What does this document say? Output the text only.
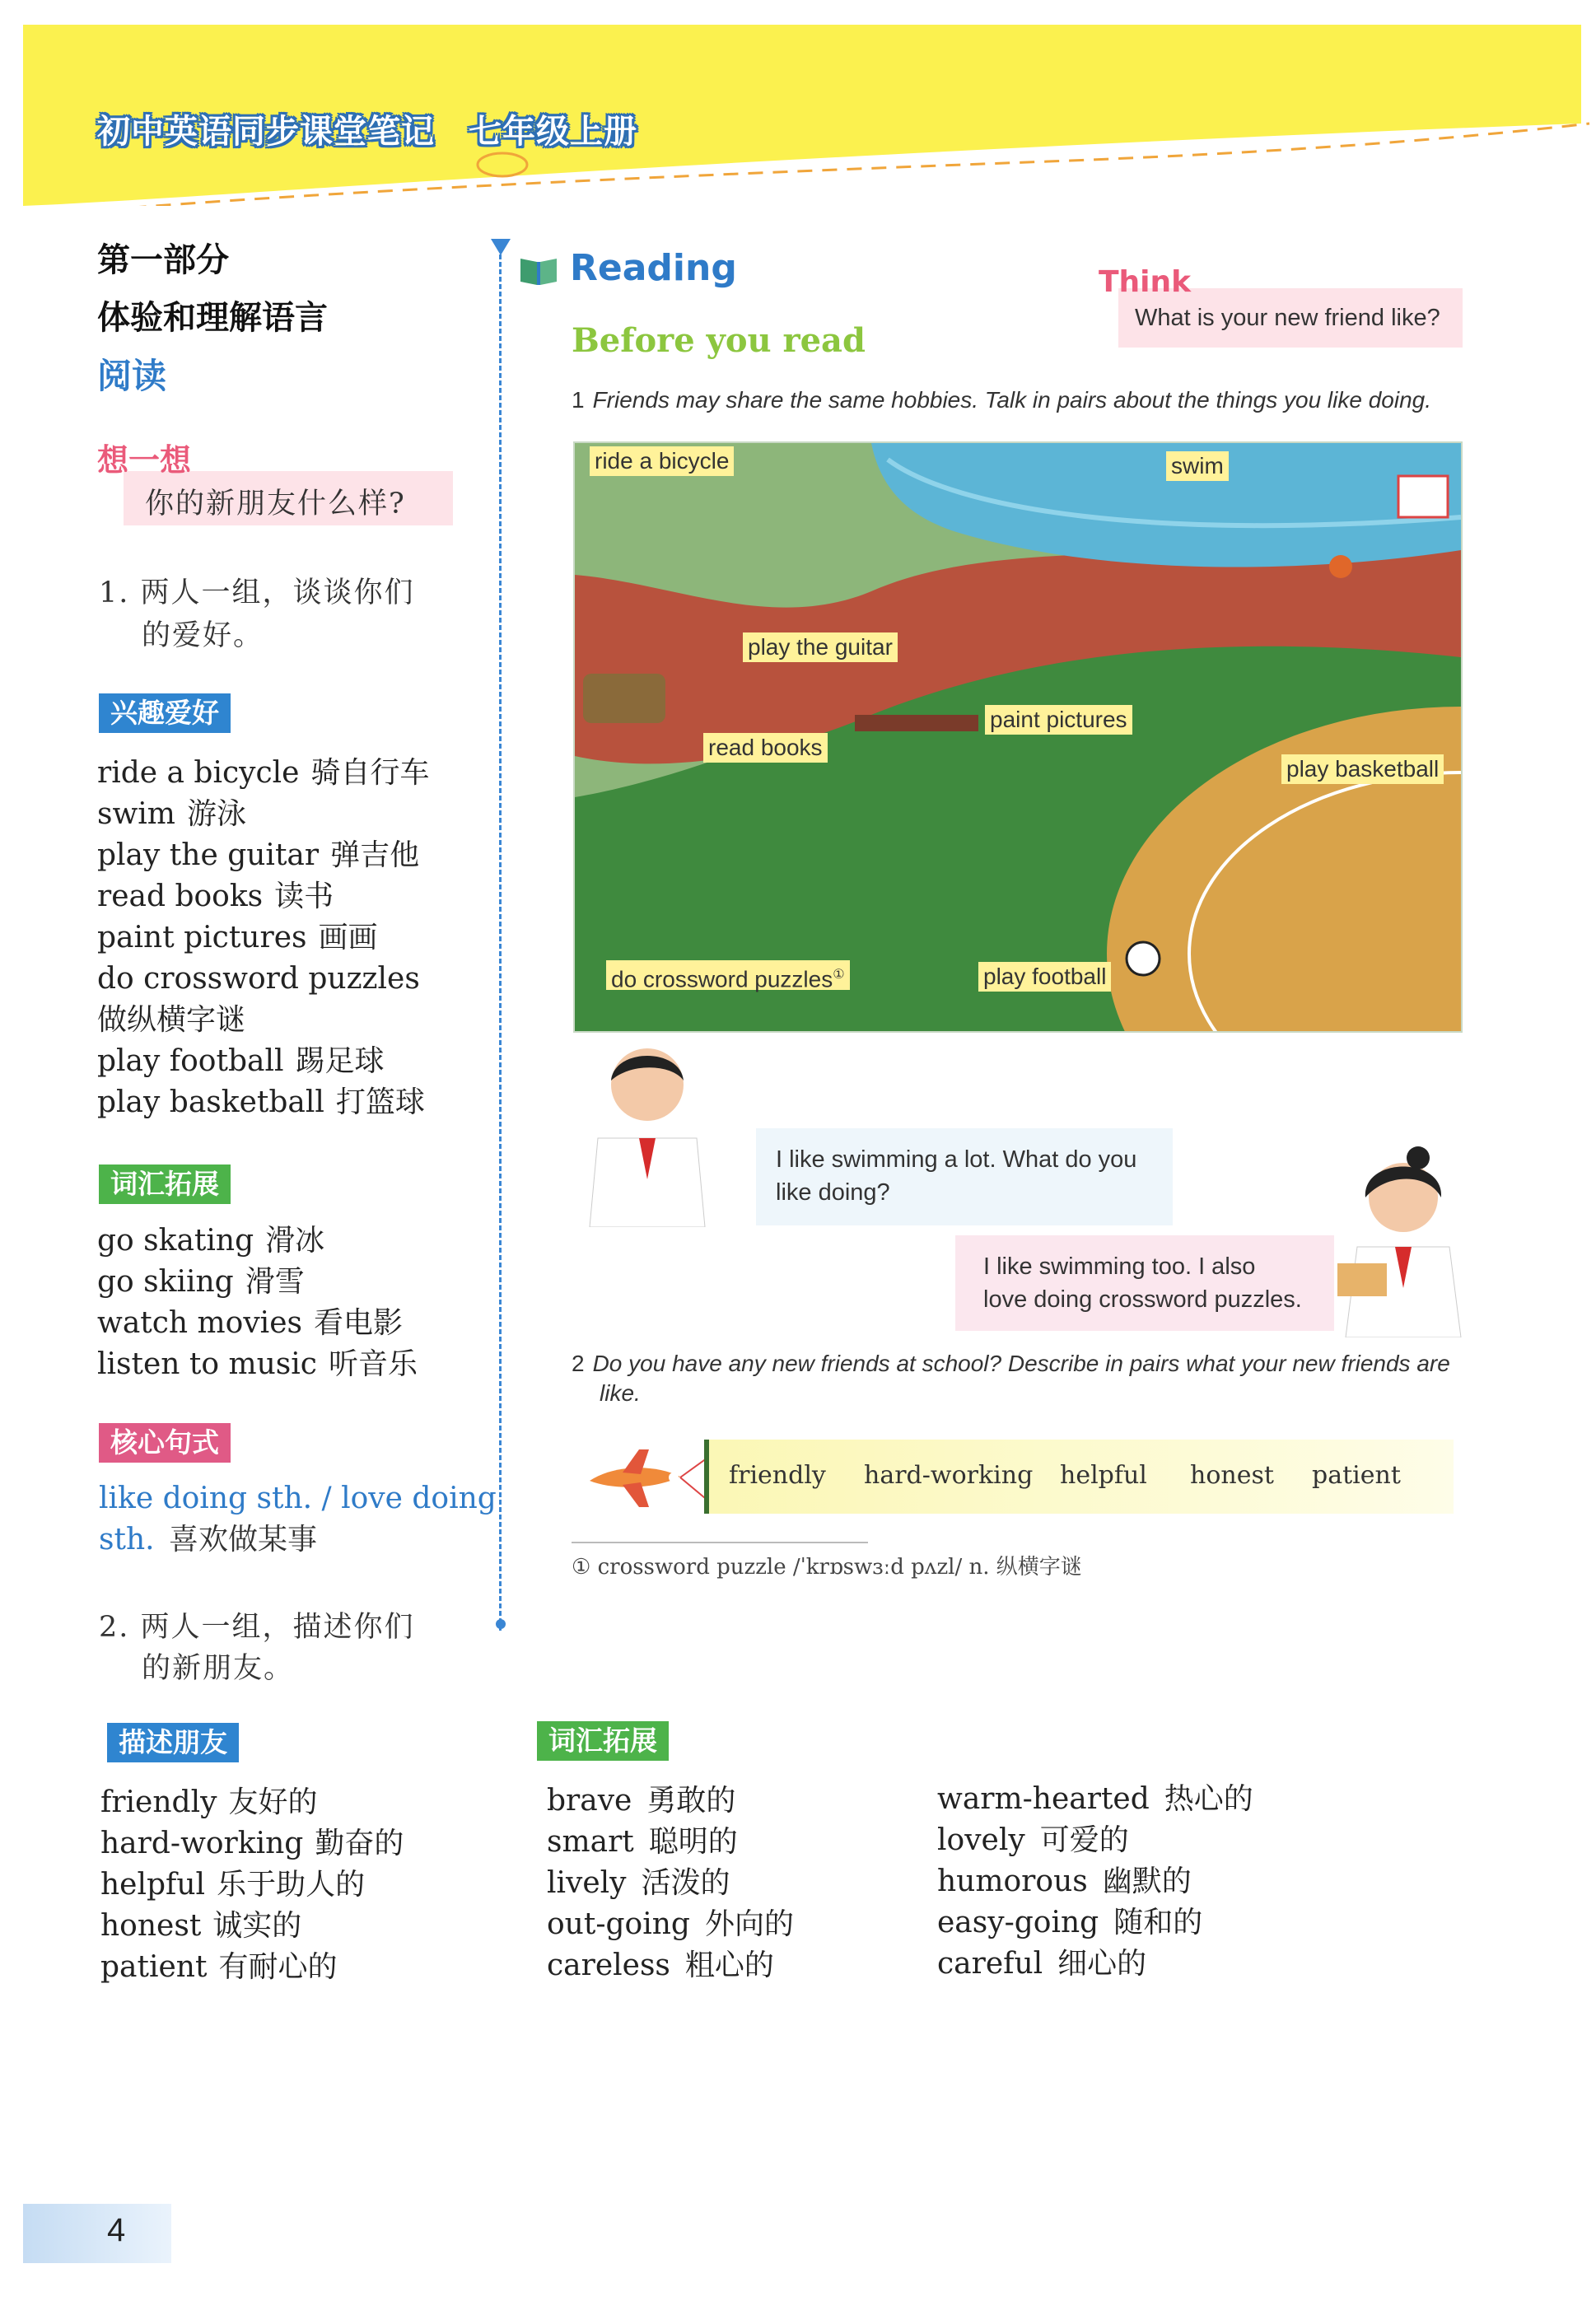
初中英语同步课堂笔记　七年级上册
第一部分
体验和理解语言
阅读
想一想
你的新朋友什么样?
1. 两人一组，谈谈你们
的爱好。
兴趣爱好
ride a bicycle 骑自行车
swim 游泳
play the guitar 弹吉他
read books 读书
paint pictures 画画
do crossword puzzles
做纵横字谜
play football 踢足球
play basketball 打篮球
词汇拓展
go skating 滑冰
go skiing 滑雪
watch movies 看电影
listen to music 听音乐
核心句式
like doing sth. / love doing
sth. 喜欢做某事
2. 两人一组，描述你们
的新朋友。
描述朋友
friendly 友好的
hard-working 勤奋的
helpful 乐于助人的
honest 诚实的
patient 有耐心的
Reading
Before you read
Think
What is your new friend like?
1 Friends may share the same hobbies. Talk in pairs about the things you like doing.
ride a bicycle	swim
play the guitar
paint pictures
read books
play basketball
do crossword puzzles①	play football
I like swimming a lot. What do you
like doing?
I like swimming too. I also
love doing crossword puzzles.
2 Do you have any new friends at school? Describe in pairs what your new friends are
like.
friendly hard-working helpful honest patient
① crossword puzzle /ˈkrɒswɜːd pʌzl/ n. 纵横字谜
词汇拓展
brave 勇敢的
smart 聪明的
lively 活泼的
out-going 外向的
careless 粗心的
warm-hearted 热心的
lovely 可爱的
humorous 幽默的
easy-going 随和的
careful 细心的
4
